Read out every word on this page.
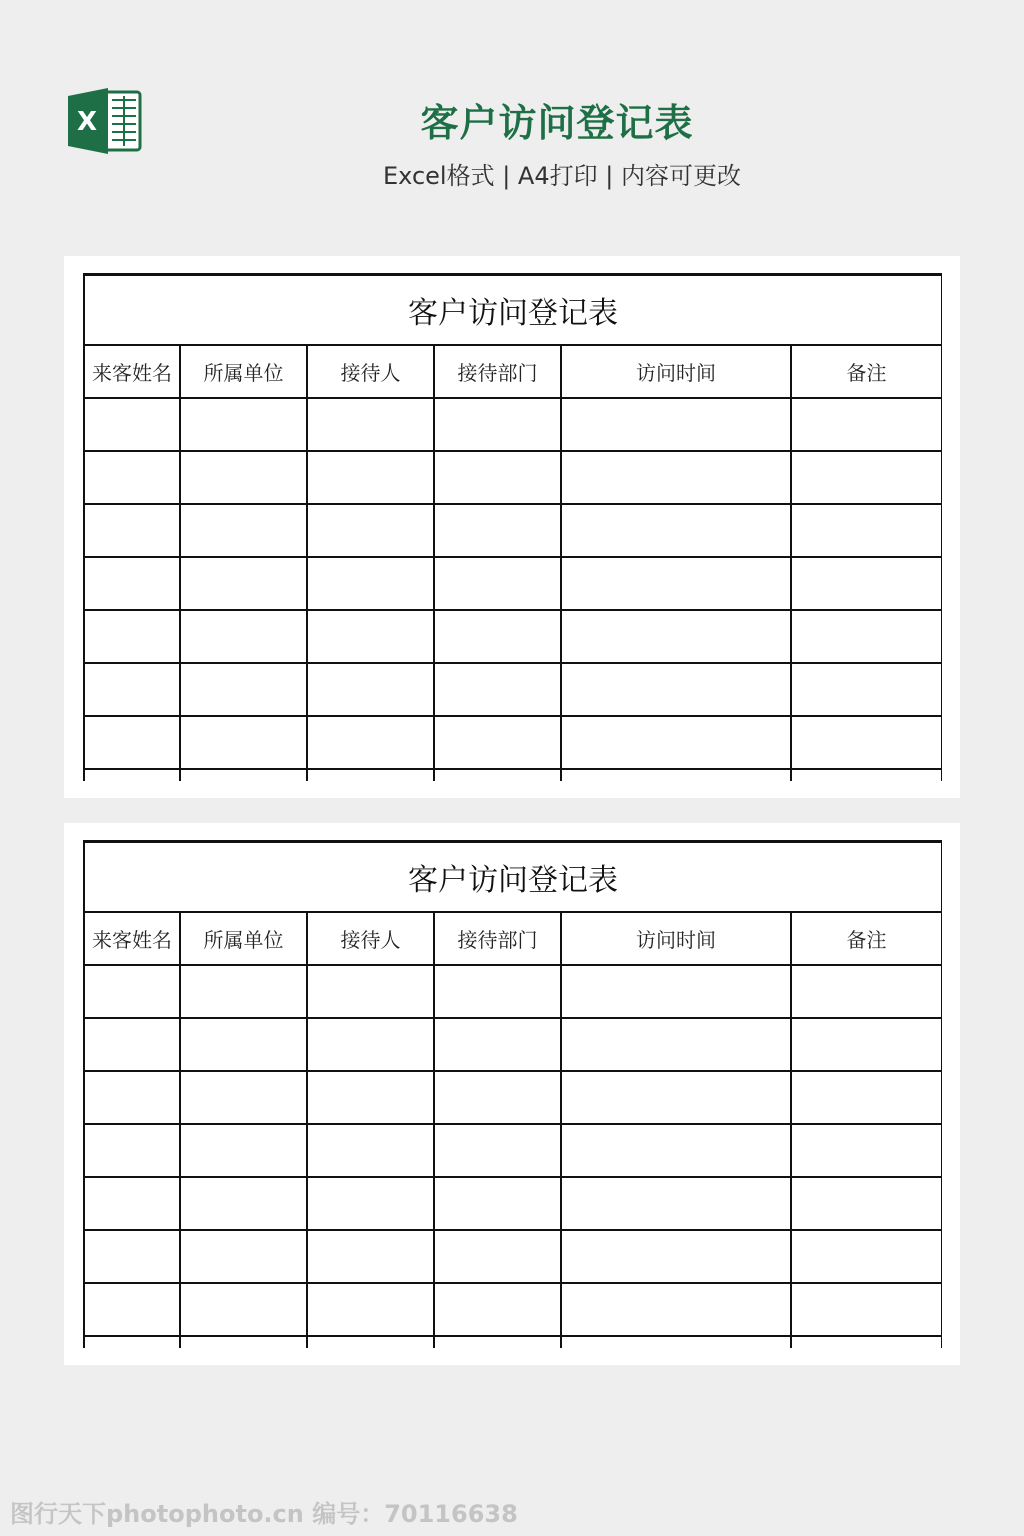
X	客户访问登记表
Excel格式 | A4打印 | 内容可更改
客户访问登记表					
来客姓名	所属单位	接待人	接待部门	访问时间	备注

客户访问登记表					
来客姓名	所属单位	接待人	接待部门	访问时间	备注

图行天下photophoto.cn 编号：70116638
